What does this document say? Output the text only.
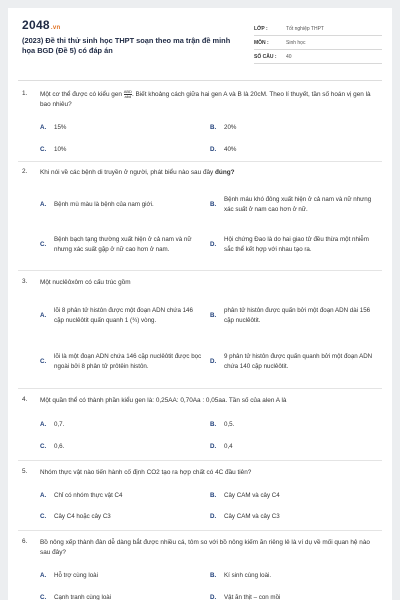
2048.vn
(2023) Đề thi thử sinh học THPT soạn theo ma trận đề minh họa BGD (Đề 5) có đáp án
LỚP :	Tốt nghiệp THPT
MÔN :	Sinh học
SỐ CÂU :	40
1. Một cơ thể được có kiểu gen $\frac{\text{ABD}}{\text{abd}}$. Biết khoảng cách giữa hai gen A và B là 20cM. Theo lí thuyết, tần số hoán vị gen là bao nhiêu?
A.	15%	B.	20%
C.	10%	D.	40%
2. Khi nói về các bệnh di truyền ở người, phát biểu nào sau đây đúng?
A.	Bệnh mù màu là bệnh của nam giới.	B.
Bệnh máu khó đông xuất hiện ở cả nam và nữ nhưng xác suất ở nam cao hơn ở nữ.
C.
Bệnh bạch tạng thường xuất hiện ở cả nam và nữ nhưng xác suất gặp ở nữ cao hơn ở nam.
D.
Hội chứng Đao là do hai giao tử đều thừa một nhiễm sắc thể kết hợp với nhau tạo ra.
3. Một nuclêôxôm có cấu trúc gồm
A.
lõi 8 phân tử histôn được một đoạn ADN chứa 146 cặp nuclêôtit quấn quanh 1 (¾) vòng.
B.
phân tử histôn được quấn bởi một đoạn ADN dài 156 cặp nuclêôtit.
C.
lõi là một đoạn ADN chứa 146 cặp nuclêôtit được bọc ngoài bởi 8 phân tử prôtêin histôn.
D.
9 phân tử histôn được quấn quanh bởi một đoạn ADN chứa 140 cặp nuclêôtit.
4. Một quần thể có thành phần kiểu gen là: 0,25AA: 0,70Aa : 0,05aa. Tần số của alen A là
A.	0,7.	B.	0,5.
C.	0,6.	D.	0,4
5. Nhóm thực vật nào tiến hành cố định CO2 tạo ra hợp chất có 4C đầu tiên?
A.	Chỉ có nhóm thực vật C4	B.	Cây CAM và cây C4
C.	Cây C4 hoặc cây C3	D.	Cây CAM và cây C3
6. Bồ nông xếp thành đàn dễ dàng bắt được nhiều cá, tôm so với bồ nông kiếm ăn riêng lẻ là ví dụ về mối quan hệ nào sau đây?
A.	Hỗ trợ cùng loài	B.	Kí sinh cùng loài.
C.	Cạnh tranh cùng loài	D.	Vật ăn thịt – con mồi
